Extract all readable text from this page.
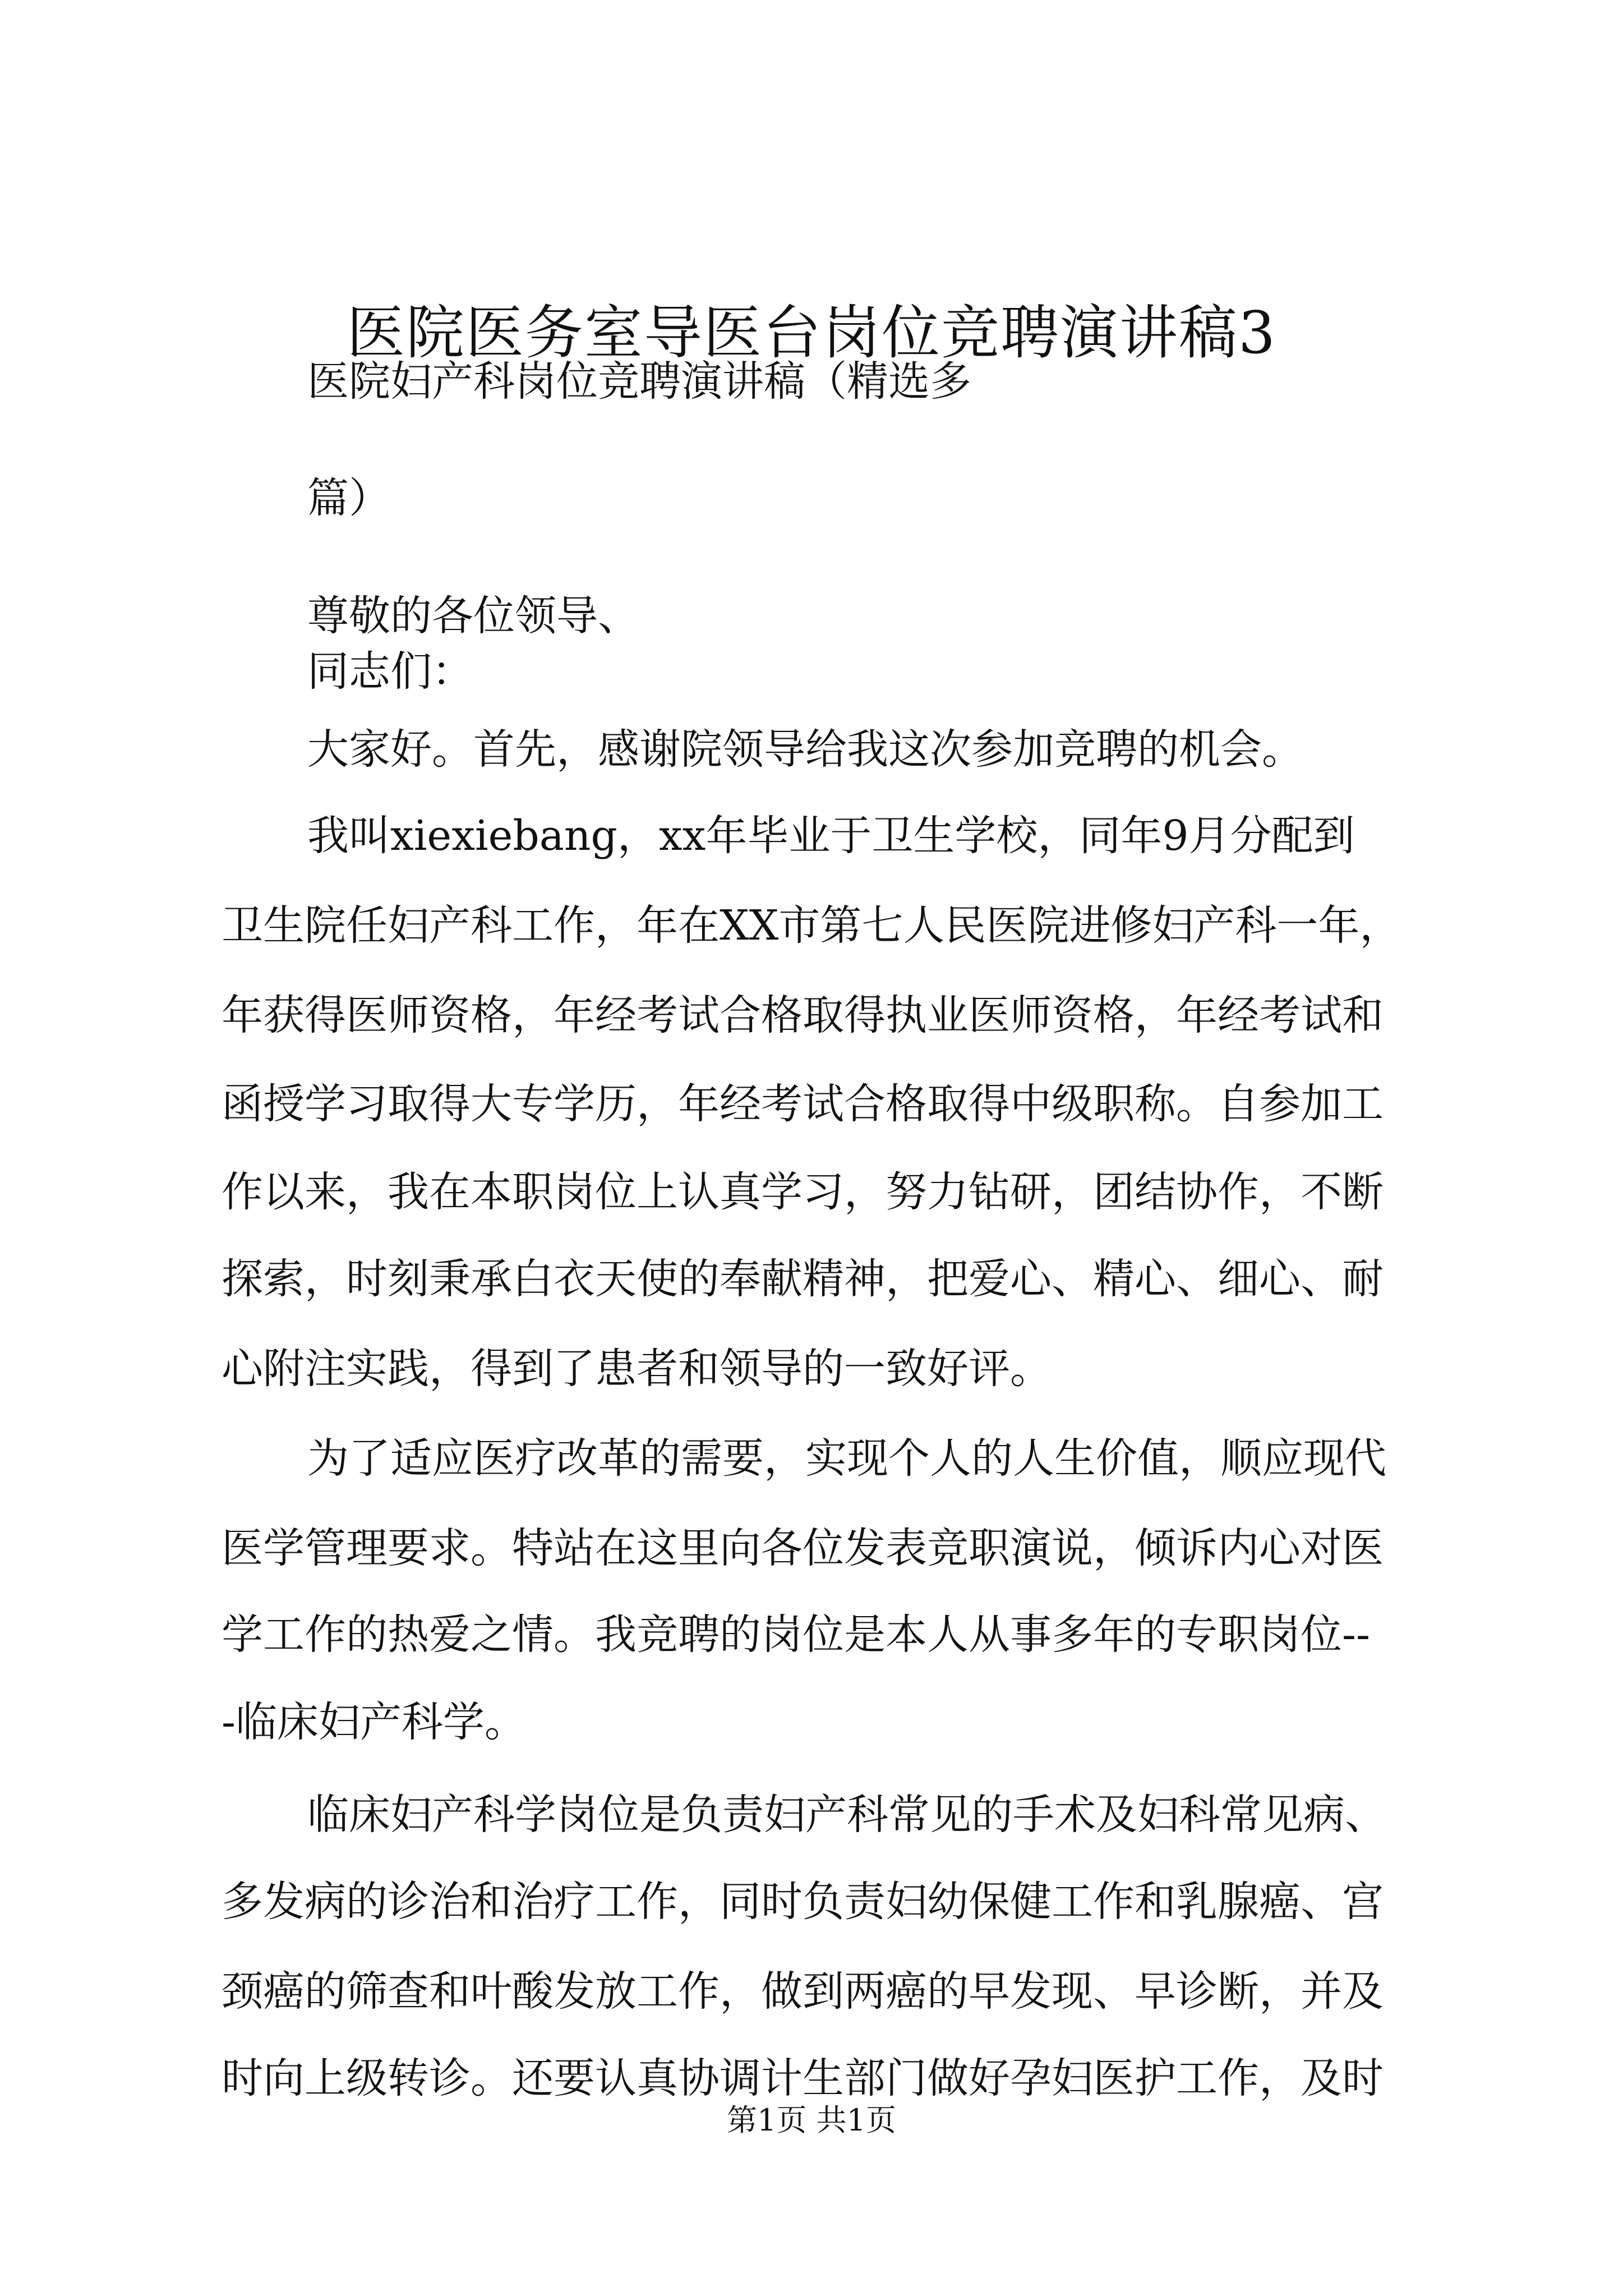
医院医务室导医台岗位竞聘演讲稿3

医院妇产科岗位竞聘演讲稿（精选多

篇）

尊敬的各位领导、

同志们：

大家好。首先，感谢院领导给我这次参加竞聘的机会。

我叫xiexiebang，xx年毕业于卫生学校，同年9月分配到

卫生院任妇产科工作，年在XX市第七人民医院进修妇产科一年，

年获得医师资格，年经考试合格取得执业医师资格，年经考试和

函授学习取得大专学历，年经考试合格取得中级职称。自参加工

作以来，我在本职岗位上认真学习，努力钻研，团结协作，不断

探索，时刻秉承白衣天使的奉献精神，把爱心、精心、细心、耐

心附注实践，得到了患者和领导的一致好评。

为了适应医疗改革的需要，实现个人的人生价值，顺应现代

医学管理要求。特站在这里向各位发表竞职演说，倾诉内心对医

学工作的热爱之情。我竞聘的岗位是本人从事多年的专职岗位--

-临床妇产科学。

临床妇产科学岗位是负责妇产科常见的手术及妇科常见病、

多发病的诊治和治疗工作，同时负责妇幼保健工作和乳腺癌、宫

颈癌的筛查和叶酸发放工作，做到两癌的早发现、早诊断，并及

时向上级转诊。还要认真协调计生部门做好孕妇医护工作，及时

第1页 共1页
